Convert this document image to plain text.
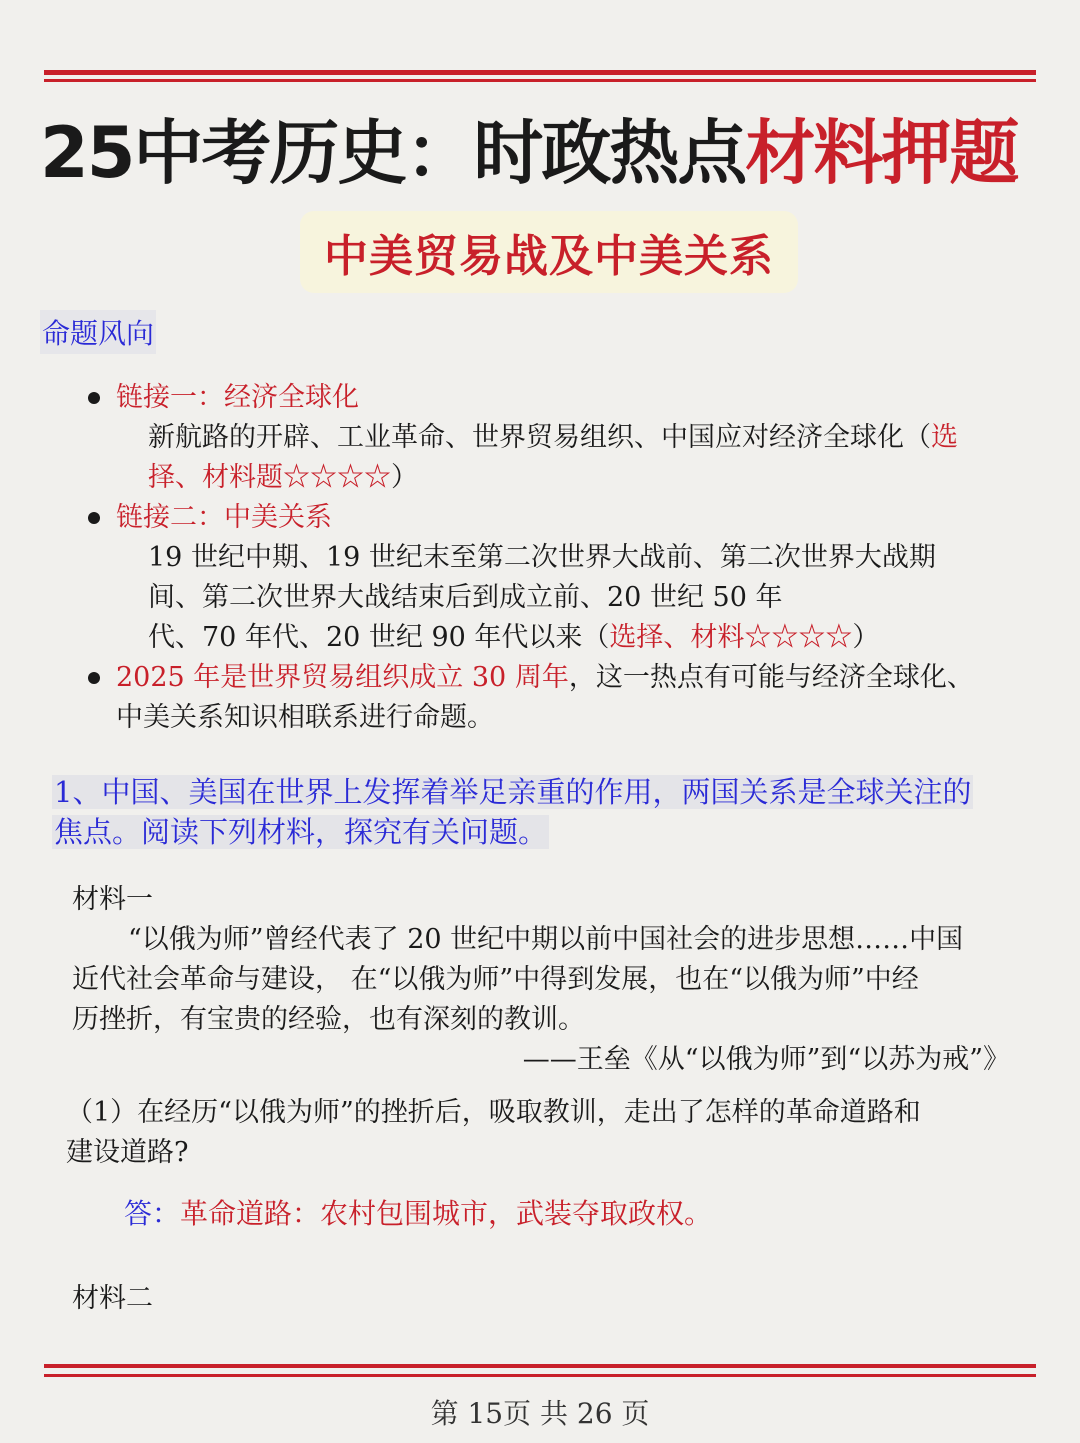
25中考历史：时政热点材料押题
中美贸易战及中美关系
命题风向
链接一：经济全球化
新航路的开辟、工业革命、世界贸易组织、中国应对经济全球化（选
择、材料题☆☆☆☆）
链接二：中美关系
19 世纪中期、19 世纪末至第二次世界大战前、第二次世界大战期
间、第二次世界大战结束后到成立前、20 世纪 50 年
代、70 年代、20 世纪 90 年代以来（选择、材料☆☆☆☆）
2025 年是世界贸易组织成立 30 周年，这一热点有可能与经济全球化、
中美关系知识相联系进行命题。
1、中国、美国在世界上发挥着举足亲重的作用，两国关系是全球关注的
焦点。阅读下列材料，探究有关问题。
材料一
“以俄为师”曾经代表了 20 世纪中期以前中国社会的进步思想……中国
近代社会革命与建设， 在“以俄为师”中得到发展，也在“以俄为师”中经
历挫折，有宝贵的经验，也有深刻的教训。
——王垒《从“以俄为师”到“以苏为戒”》
（1）在经历“以俄为师”的挫折后，吸取教训，走出了怎样的革命道路和
建设道路?
答：革命道路：农村包围城市，武装夺取政权。
材料二
第 15页 共 26 页
